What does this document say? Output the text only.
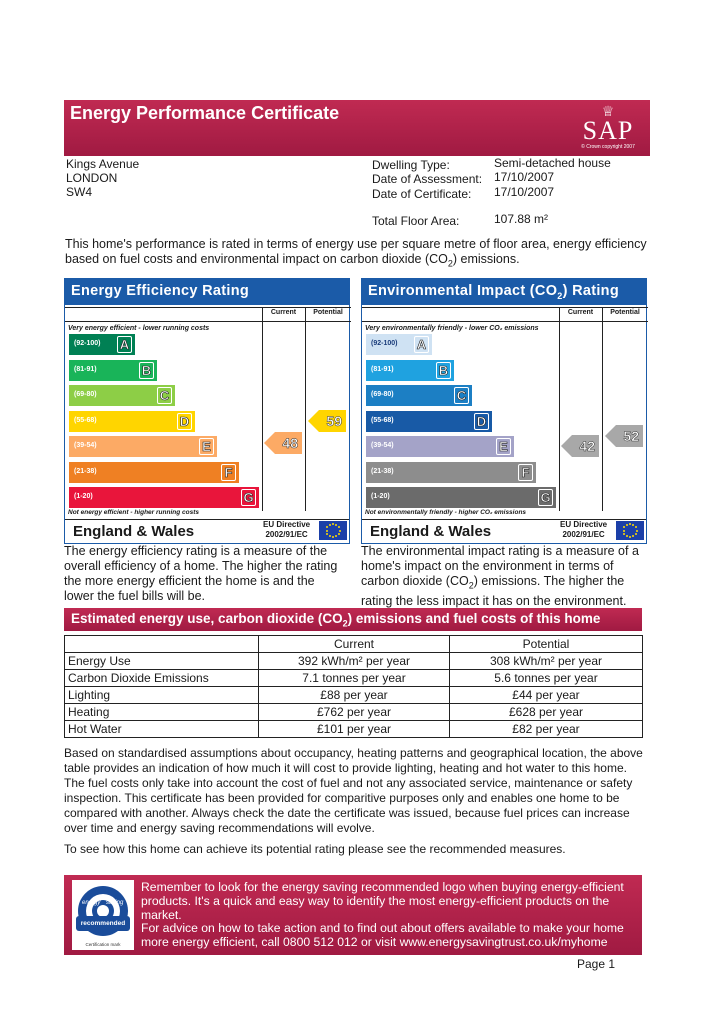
Energy Performance Certificate	♕
SAP
© Crown copyright 2007
Kings Avenue
LONDON
SW4
Dwelling Type:	Semi-detached house
Date of Assessment: 17/10/2007
Date of Certificate: 17/10/2007
Total Floor Area:	107.88 m²
This home's performance is rated in terms of energy use per square metre of floor area, energy efficiency
based on fuel costs and environmental impact on carbon dioxide $(CO_2)$ emissions.
Energy Efficiency Rating
Current	Potential
Very energy efficient - lower running costs
(92-100) A
(81-91)	B
(69-80)	C
(55-68)	D
(39-54)	E
(21-38)	F
(1-20)	G
Not energy efficient - higher running costs
48
59
England & Wales	EU Directive
2002/91/EC
Environmental Impact $(CO_2)$ Rating
Current	Potential
Very environmentally friendly - lower CO₂ emissions
(92-100) A
(81-91)	B
(69-80)	C
(55-68)	D
(39-54)	E
(21-38)	F
(1-20)	G
Not environmentally friendly - higher CO₂ emissions
42
52
England & Wales	EU Directive
2002/91/EC
The energy efficiency rating is a measure of the
overall efficiency of a home. The higher the rating
the more energy efficient the home is and the
lower the fuel bills will be.
The environmental impact rating is a measure of a
home's impact on the environment in terms of
carbon dioxide $(CO_2)$ emissions. The higher the
rating the less impact it has on the environment.
Estimated energy use, carbon dioxide $(CO_2)$ emissions and fuel costs of this home
	Current	Potential
Energy Use	392 kWh/m² per year	308 kWh/m² per year
Carbon Dioxide Emissions	7.1 tonnes per year	5.6 tonnes per year
Lighting	£88 per year	£44 per year
Heating	£762 per year	£628 per year
Hot Water	£101 per year	£82 per year
Based on standardised assumptions about occupancy, heating patterns and geographical location, the above
table provides an indication of how much it will cost to provide lighting, heating and hot water to this home.
The fuel costs only take into account the cost of fuel and not any associated service, maintenance or safety
inspection. This certificate has been provided for comparitive purposes only and enables one home to be
compared with another. Always check the date the certificate was issued, because fuel prices can increase
over time and energy saving recommendations will evolve.
To see how this home can achieve its potential rating please see the recommended measures.
energy saving
recommended
Certification mark
Remember to look for the energy saving recommended logo when buying energy-efficient
products. It's a quick and easy way to identify the most energy-efficient products on the market.
For advice on how to take action and to find out about offers available to make your home
more energy efficient, call 0800 512 012 or visit www.energysavingtrust.co.uk/myhome
Page 1
